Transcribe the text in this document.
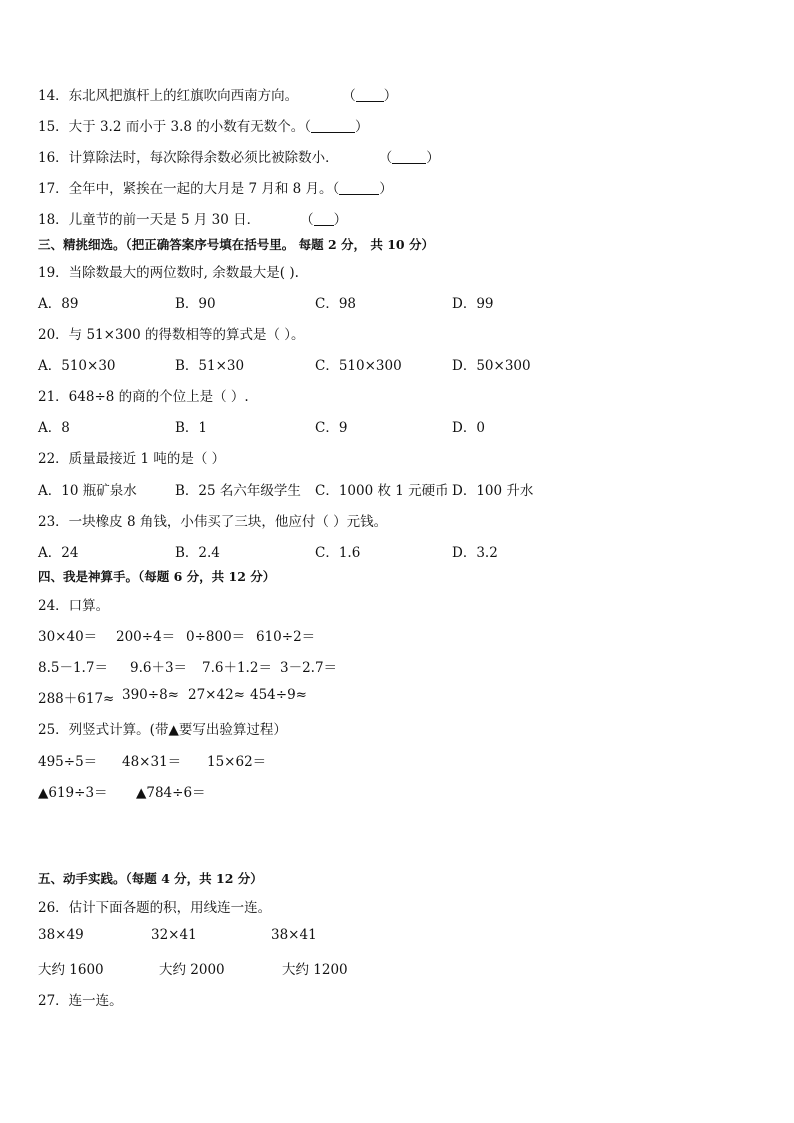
14．东北风把旗杆上的红旗吹向西南方向。	（ ）
15．大于 3.2 而小于 3.8 的小数有无数个。（	）
16．计算除法时，每次除得余数必须比被除数小．	（	）
17．全年中，紧挨在一起的大月是 7 月和 8 月。（	）
18．儿童节的前一天是 5 月 30 日．	（ ）
三、精挑细选。（把正确答案序号填在括号里。 每题 2 分， 共 10 分）
19．当除数最大的两位数时, 余数最大是( ).
A．89	B．90	C．98	D．99
20．与 51×300 的得数相等的算式是（ ）。
A．510×30	B．51×30	C．510×300	D．50×300
21．648÷8 的商的个位上是（ ）.
A．8	B．1	C．9	D．0
22．质量最接近 1 吨的是（ ）
A．10 瓶矿泉水	B．25 名六年级学生 C．1000 枚 1 元硬币 D．100 升水
23．一块橡皮 8 角钱，小伟买了三块，他应付（ ）元钱。
A．24	B．2.4	C．1.6	D．3.2
四、我是神算手。（每题 6 分，共 12 分）
24．口算。
30×40＝ 200÷4＝ 0÷800＝ 610÷2＝
8.5－1.7＝ 9.6＋3＝ 7.6＋1.2＝ 3－2.7＝
288＋617≈ 390÷8≈ 27×42≈ 454÷9≈
25．列竖式计算。(带▲要写出验算过程）
495÷5＝ 48×31＝ 15×62＝
▲619÷3＝ ▲784÷6＝
五、动手实践。（每题 4 分，共 12 分）
26．估计下面各题的积，用线连一连。
38×49	32×41	38×41
大约 1600	大约 2000	大约 1200
27．连一连。
